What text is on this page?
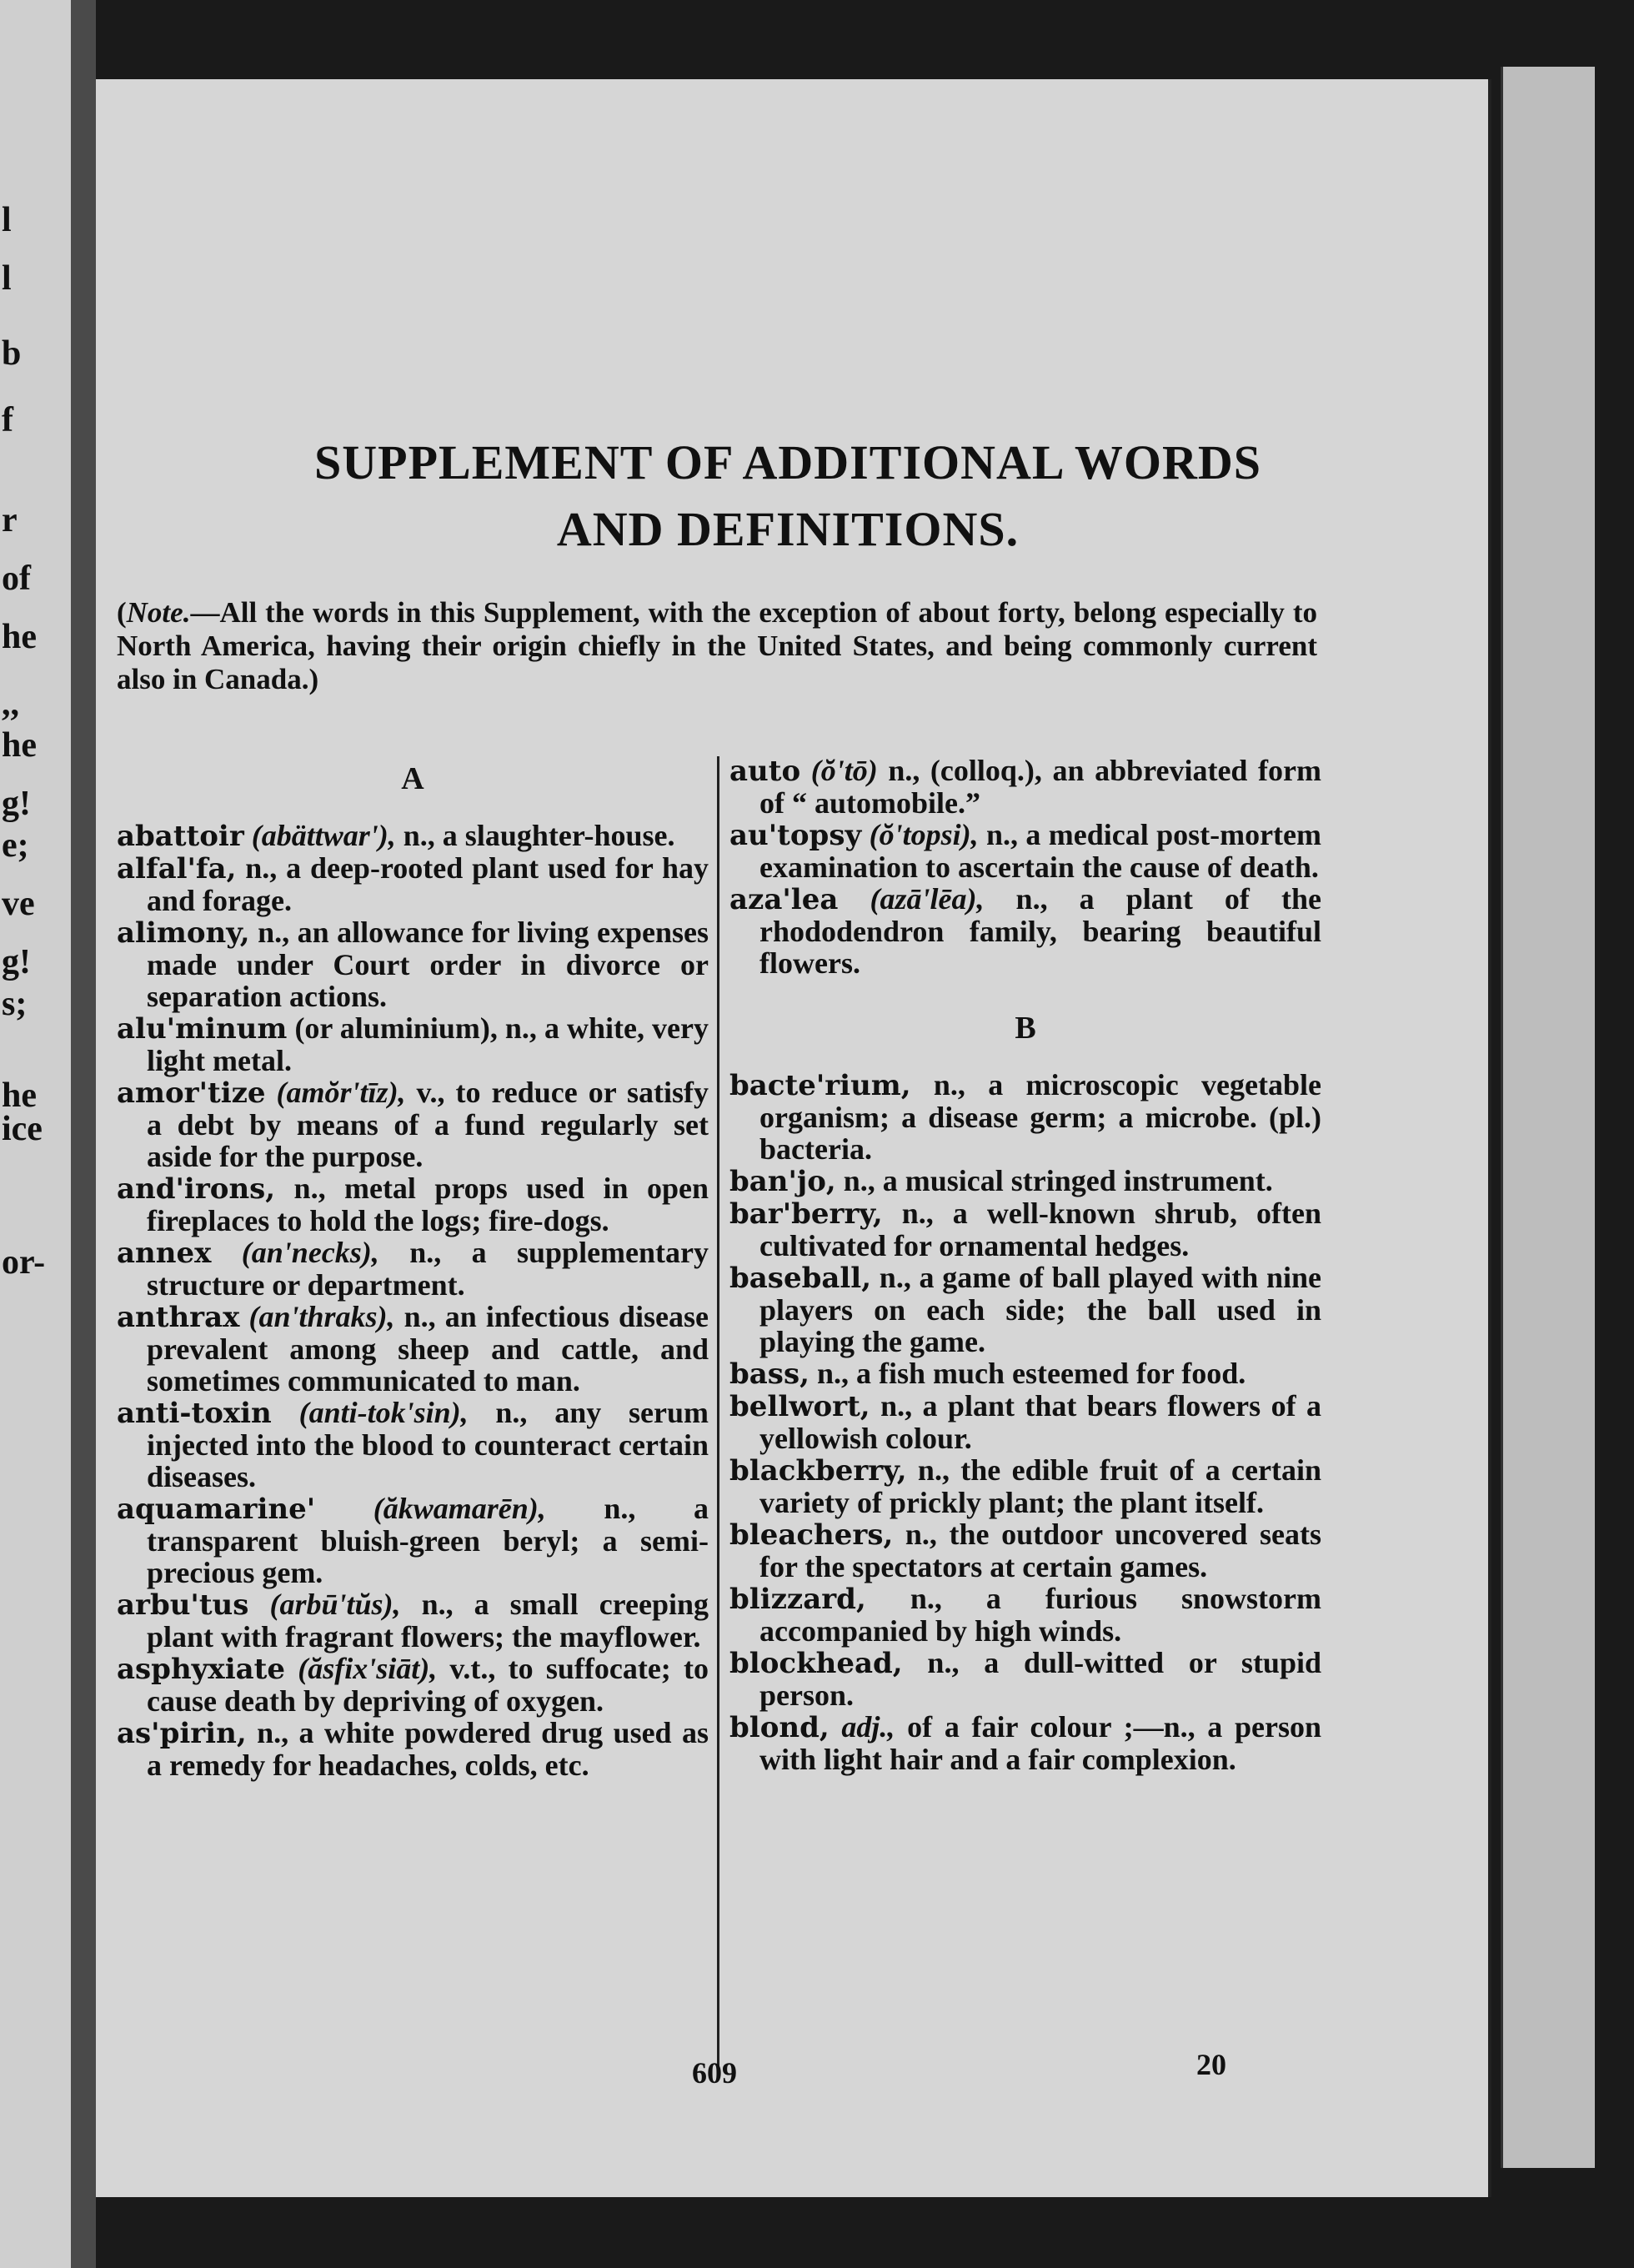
l
l
b
f
r
of
he
,,
he
g!
e;
ve
g!
s;
he
ice
or-
SUPPLEMENT OF ADDITIONAL WORDS
AND DEFINITIONS.
(Note.—All the words in this Supplement, with the exception of about forty, belong especially to North America, having their origin chiefly in the United States, and being commonly current also in Canada.)
A

abattoir (abättwar'), n., a slaughter-house.

alfal'fa, n., a deep-rooted plant used for hay and forage.

alimony, n., an allowance for living expenses made under Court order in divorce or separation actions.

alu'minum (or aluminium), n., a white, very light metal.

amor'tize (amŏr'tīz), v., to reduce or satisfy a debt by means of a fund regularly set aside for the purpose.

and'irons, n., metal props used in open fireplaces to hold the logs; fire-dogs.

annex (an'necks), n., a supplementary structure or department.

anthrax (an'thraks), n., an infectious disease prevalent among sheep and cattle, and sometimes communicated to man.

anti-toxin (anti-tok'sin), n., any serum injected into the blood to counteract certain diseases.

aquamarine' (ăkwamarēn), n., a transparent bluish-green beryl; a semi-precious gem.

arbu'tus (arbū'tŭs), n., a small creeping plant with fragrant flowers; the mayflower.

asphyxiate (ăsfix'siāt), v.t., to suffocate; to cause death by depriving of oxygen.

as'pirin, n., a white powdered drug used as a remedy for headaches, colds, etc.

auto (ŏ'tō) n., (colloq.), an abbreviated form of “ automobile.”

au'topsy (ŏ'topsi), n., a medical post-mortem examination to ascertain the cause of death.

aza'lea (azā'lēa), n., a plant of the rhododendron family, bearing beautiful flowers.

B

bacte'rium, n., a microscopic vegetable organism; a disease germ; a microbe. (pl.) bacteria.

ban'jo, n., a musical stringed instrument.

bar'berry, n., a well-known shrub, often cultivated for ornamental hedges.

baseball, n., a game of ball played with nine players on each side; the ball used in playing the game.

bass, n., a fish much esteemed for food.

bellwort, n., a plant that bears flowers of a yellowish colour.

blackberry, n., the edible fruit of a certain variety of prickly plant; the plant itself.

bleachers, n., the outdoor uncovered seats for the spectators at certain games.

blizzard, n., a furious snowstorm accompanied by high winds.

blockhead, n., a dull-witted or stupid person.

blond, adj., of a fair colour ;—n., a person with light hair and a fair complexion.

609	20
